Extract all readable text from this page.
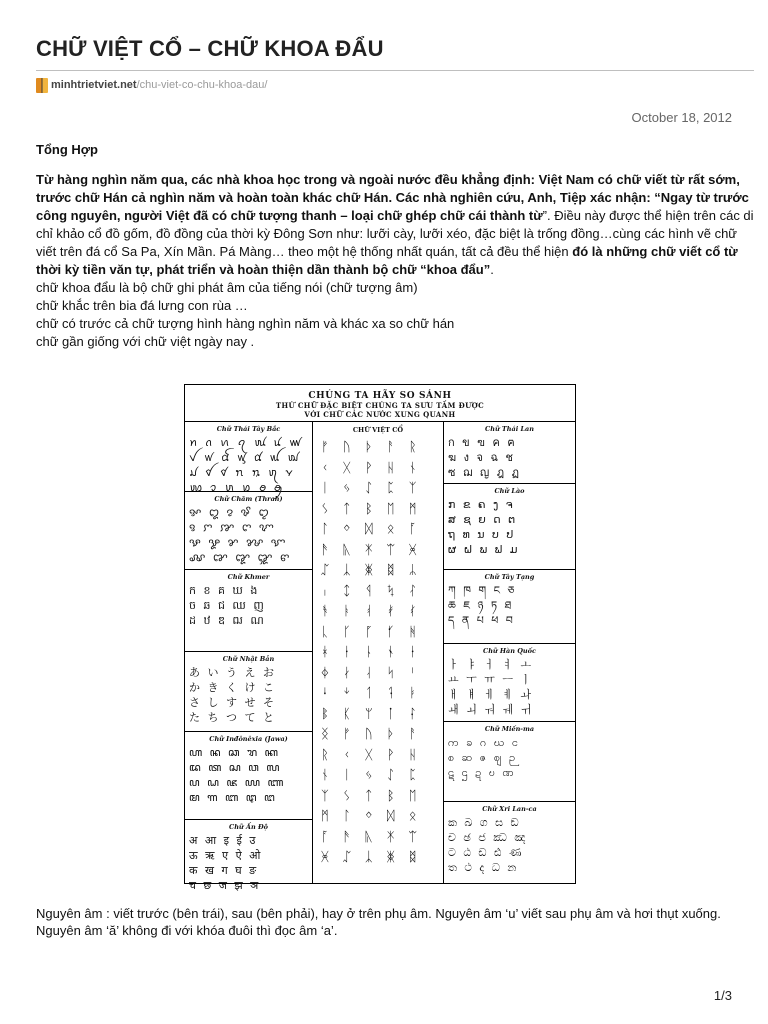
CHỮ VIỆT CỔ – CHỮ KHOA ĐẨU
minhtrietviet.net /chu-viet-co-chu-khoa-dau/
October 18, 2012
Tổng Hợp

Từ hàng nghìn năm qua, các nhà khoa học trong và ngoài nước đều khẳng định: Việt Nam có chữ viết từ rất sớm, trước chữ Hán cả nghìn năm và hoàn toàn khác chữ Hán. Các nhà nghiên cứu, Anh, Tiệp xác nhận: “Ngay từ trước công nguyên, người Việt đã có chữ tượng thanh – loại chữ ghép chữ cái thành từ”. Điều này được thể hiện trên các di chỉ khảo cổ đồ gốm, đồ đồng của thời kỳ Đông Sơn như: lưỡi cày, lưỡi xéo, đặc biệt là trống đồng…cùng các hình vẽ chữ viết trên đá cổ Sa Pa, Xín Mần. Pá Màng… theo một hệ thống nhất quán, tất cả đều thể hiện đó là những chữ viết cổ từ thời kỳ tiền văn tự, phát triển và hoàn thiện dần thành bộ chữ “khoa đẩu”.

chữ khoa đẩu là bộ chữ ghi phát âm của tiếng nói (chữ tượng âm)
chữ khắc trên bia đá lưng con rùa …
chữ có trước cả chữ tượng hình hàng nghìn năm và khác xa so chữ hán
chữ gần giống với chữ việt ngày nay .
CHÚNG TA HÃY SO SÁNH
THỨ CHỮ ĐẶC BIỆT CHÚNG TA SƯU TẦM ĐƯỢC
VỚI CHỮ CÁC NƯỚC XUNG QUANH
Chữ Thái Tây Bắc
ꪀ ꪒ ꪕ ꪖ ꪘ ꪙ ꪛ
ꪜ ꪝ ꪞ ꪟ ꪠ ꪡ ꪢ
ꪣ ꪤ ꪥ ꪦ ꪧ ꪨ ꪩ
ꪪ ꪫ ꪬ ꪭ ꪮ ꪯ
Chữ Chăm (Thrah)
ꨀ ꨁ ꨂ ꨃ ꨄ
ꨅ ꨆ ꨇ ꨈ ꨉ
ꨊ ꨋ ꨌ ꨍ ꨎ
ꨏ ꨐ ꨑ ꨒ ꨓ
Chữ Khmer
ក ខ គ ឃ ង
ច ឆ ជ ឈ ញ
ដ ឋ ឌ ឍ ណ
Chữ Nhật Bản
あ い う え お
か き く け こ
さ し す せ そ
た ち つ て と
Chữ Inđônêxia (Jawa)
ꦲ ꦤ ꦕ ꦫ ꦏ
ꦢ ꦠ ꦱ ꦮ ꦭ
ꦥ ꦝ ꦗ ꦪ ꦚ
ꦩ ꦒ ꦧ ꦛ ꦔ
Chữ Ấn Độ
अ आ इ ई उ
ऊ ऋ ए ऐ ओ
क ख ग घ ङ
च छ ज झ ञ
CHỮ VIỆT CỔ
ᚠ ᚢ ᚦ ᚨ ᚱ
ᚲ ᚷ ᚹ ᚺ ᚾ
ᛁ ᛃ ᛇ ᛈ ᛉ
ᛊ ᛏ ᛒ ᛖ ᛗ
ᛚ ᛜ ᛞ ᛟ ᚪ
ᚫ ᚣ ᛡ ᛠ ᚸ
ᛢ ᛣ ᛤ ᛥ ᛦ
ᛧ ᛨ ᛩ ᛪ ᛮ
ᚬ ᚭ ᚮ ᚯ ᚰ
ᚳ ᚴ ᚵ ᚶ ᚻ
ᚼ ᚽ ᚿ ᛀ ᛂ
ᛄ ᛅ ᛆ ᛋ ᛌ
ᛍ ᛎ ᛐ ᛑ ᛓ
ᛔ ᛕ ᛘ ᛙ ᛛ
ᛝ ᚠ ᚢ ᚦ ᚨ
ᚱ ᚲ ᚷ ᚹ ᚺ
ᚾ ᛁ ᛃ ᛇ ᛈ
ᛉ ᛊ ᛏ ᛒ ᛖ
ᛗ ᛚ ᛜ ᛞ ᛟ
ᚪ ᚫ ᚣ ᛡ ᛠ
ᚸ ᛢ ᛣ ᛤ ᛥ
Chữ Thái Lan
ก ข ฃ ค ฅ
ฆ ง จ ฉ ช
ซ ฌ ญ ฎ ฏ
Chữ Lào
ກ ຂ ຄ ງ ຈ
ສ ຊ ຍ ດ ຕ
ຖ ທ ນ ບ ປ
ຜ ຝ ພ ຟ ມ
Chữ Tây Tạng
ཀ ཁ ག ང ཅ
ཆ ཇ ཉ ཏ ཐ
ད ན པ ཕ བ
Chữ Hàn Quốc
ㅏ ㅑ ㅓ ㅕ ㅗ
ㅛ ㅜ ㅠ ㅡ ㅣ
ㅐ ㅒ ㅔ ㅖ ㅘ
ㅙ ㅚ ㅝ ㅞ ㅟ
Chữ Miến-ma
က ခ ဂ ဃ င
စ ဆ ဇ ဈ ဉ
ဋ ဌ ဍ ဎ ဏ
Chữ Xri Lan-ca
ක ඛ ග ඝ ඞ
ච ඡ ජ ඣ ඤ
ට ඨ ඩ ඪ ණ
ත ථ ද ධ න

Nguyên âm : viết trước (bên trái), sau (bên phải), hay ở trên phụ âm. Nguyên âm ‘u’ viết sau phụ âm và hơi thụt xuống.

Nguyên âm ‘ă’ không đi với khóa đuôi thì đọc âm ‘a’.

1/3
